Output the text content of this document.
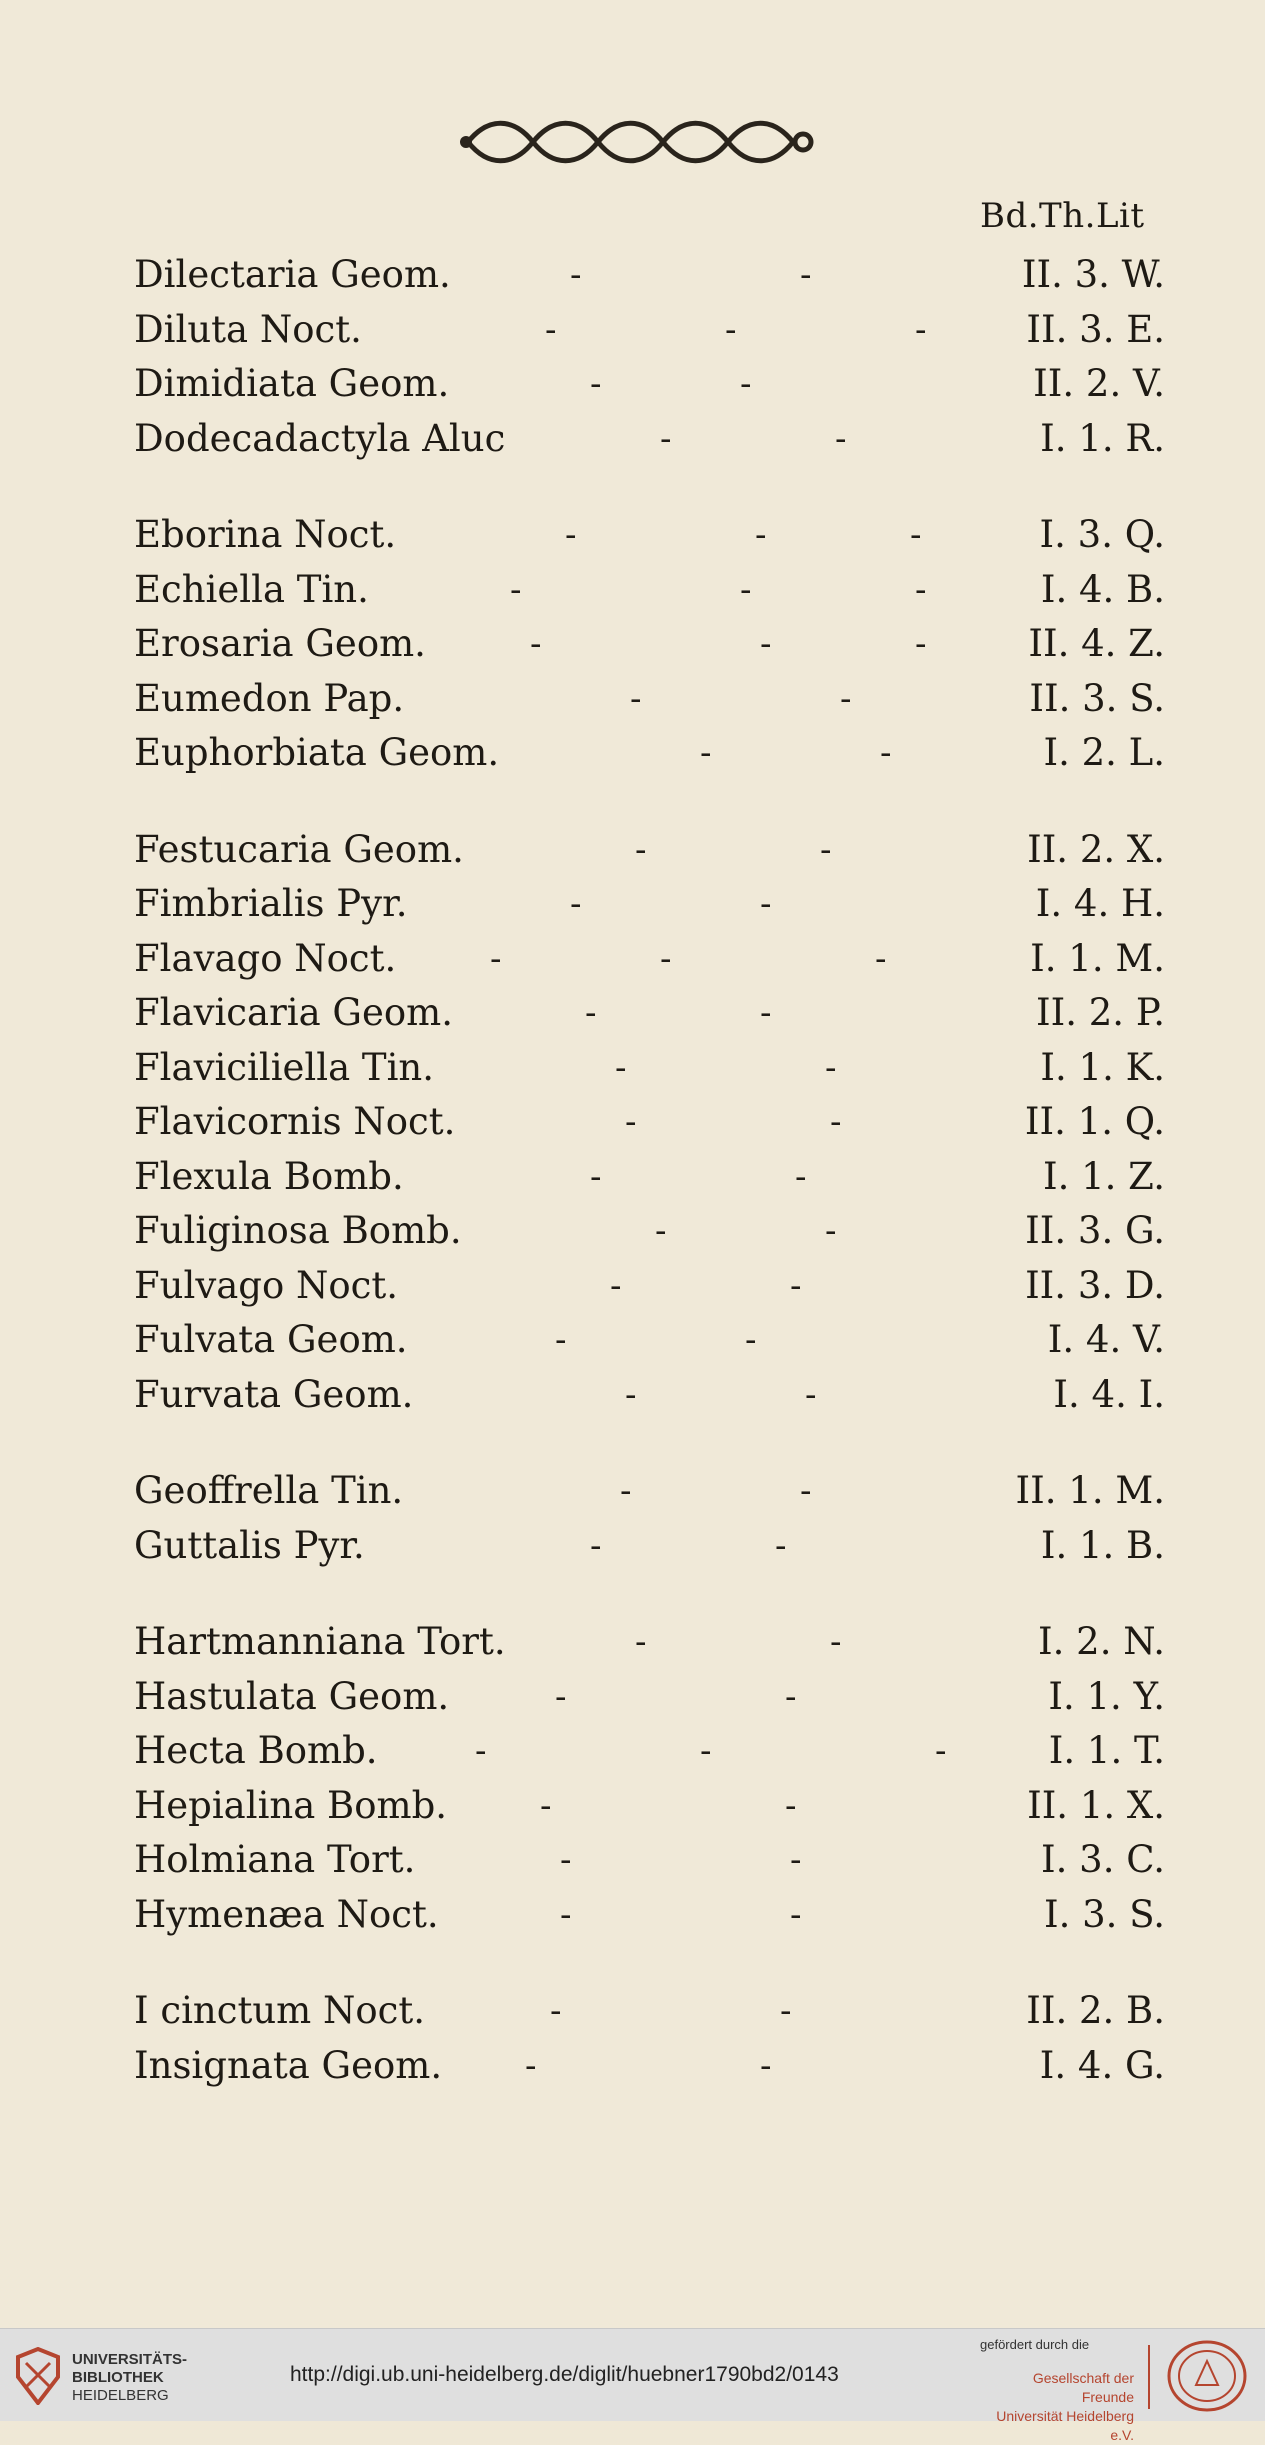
Bd.Th.Lit
Dilectaria Geom.	-	-	II. 3. W.
Diluta Noct.	-	-	-	II. 3. E.
Dimidiata Geom.	-	-	II. 2. V.
Dodecadactyla Aluc	-	-	I. 1. R.
Eborina Noct.	-	-	-	I. 3. Q.
Echiella Tin.	-	-	-	I. 4. B.
Erosaria Geom.	-	-	-	II. 4. Z.
Eumedon Pap.	-	-	II. 3. S.
Euphorbiata Geom.	-	-	I. 2. L.
Festucaria Geom.	-	-	II. 2. X.
Fimbrialis Pyr.	-	-	I. 4. H.
Flavago Noct.	-	-	-	I. 1. M.
Flavicaria Geom.	-	-	II. 2. P.
Flaviciliella Tin.	-	-	I. 1. K.
Flavicornis Noct.	-	-	II. 1. Q.
Flexula Bomb.	-	-	I. 1. Z.
Fuliginosa Bomb.	-	-	II. 3. G.
Fulvago Noct.	-	-	II. 3. D.
Fulvata Geom.	-	-	I. 4. V.
Furvata Geom.	-	-	I. 4. I.
Geoffrella Tin.	-	-	II. 1. M.
Guttalis Pyr.	-	-	I. 1. B.
Hartmanniana Tort.	-	-	I. 2. N.
Hastulata Geom.	-	-	I. 1. Y.
Hecta Bomb.	-	-	-	I. 1. T.
Hepialina Bomb.	-	-	II. 1. X.
Holmiana Tort.	-	-	I. 3. C.
Hymenæa Noct.	-	-	I. 3. S.
I cinctum Noct.	-	-	II. 2. B.
Insignata Geom. -	-	I. 4. G.
UNIVERSITÄTS-
BIBLIOTHEK
HEIDELBERG
http://digi.ub.uni-heidelberg.de/diglit/huebner1790bd2/0143
gefördert durch die
Gesellschaft der Freunde
Universität Heidelberg e.V.
